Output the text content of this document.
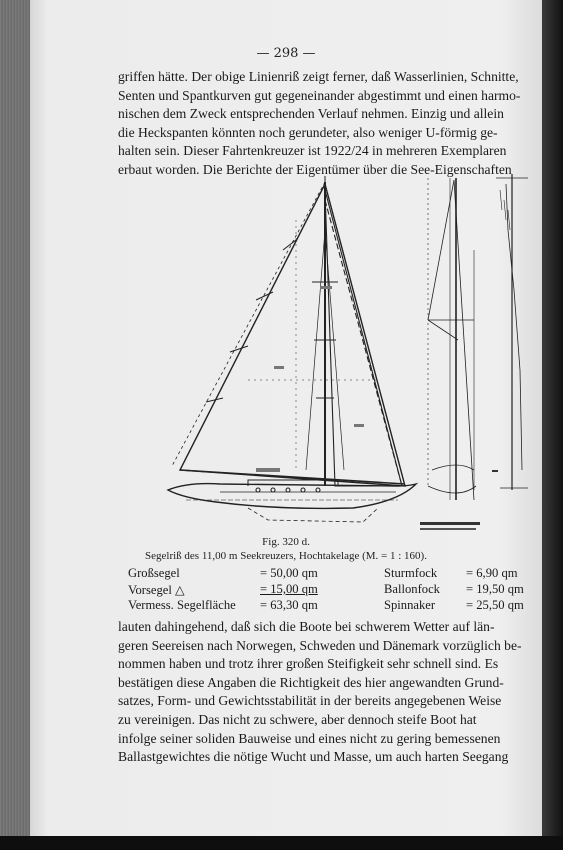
— 298 —
griffen hätte. Der obige Linienriß zeigt ferner, daß Wasserlinien, Schnitte,
Senten und Spantkurven gut gegeneinander abgestimmt und einen harmo-
nischen dem Zweck entsprechenden Verlauf nehmen. Einzig und allein
die Heckspanten könnten noch gerundeter, also weniger U-förmig ge-
halten sein. Dieser Fahrtenkreuzer ist 1922/24 in mehreren Exemplaren
erbaut worden. Die Berichte der Eigentümer über die See-Eigenschaften
Fig. 320 d.
Segelriß des 11,00 m Seekreuzers, Hochtakelage (M. = 1 : 160).
Großsegel	= 50,00 qm
Vorsegel △	= 15,00 qm
Vermess. Segelfläche = 63,30 qm
Sturmfock = 6,90 qm
Ballonfock = 19,50 qm
Spinnaker = 25,50 qm
lauten dahingehend, daß sich die Boote bei schwerem Wetter auf län-
geren Seereisen nach Norwegen, Schweden und Dänemark vorzüglich be-
nommen haben und trotz ihrer großen Steifigkeit sehr schnell sind. Es
bestätigen diese Angaben die Richtigkeit des hier angewandten Grund-
satzes, Form- und Gewichtsstabilität in der bereits angegebenen Weise
zu vereinigen. Das nicht zu schwere, aber dennoch steife Boot hat
infolge seiner soliden Bauweise und eines nicht zu gering bemessenen
Ballastgewichtes die nötige Wucht und Masse, um auch harten Seegang
